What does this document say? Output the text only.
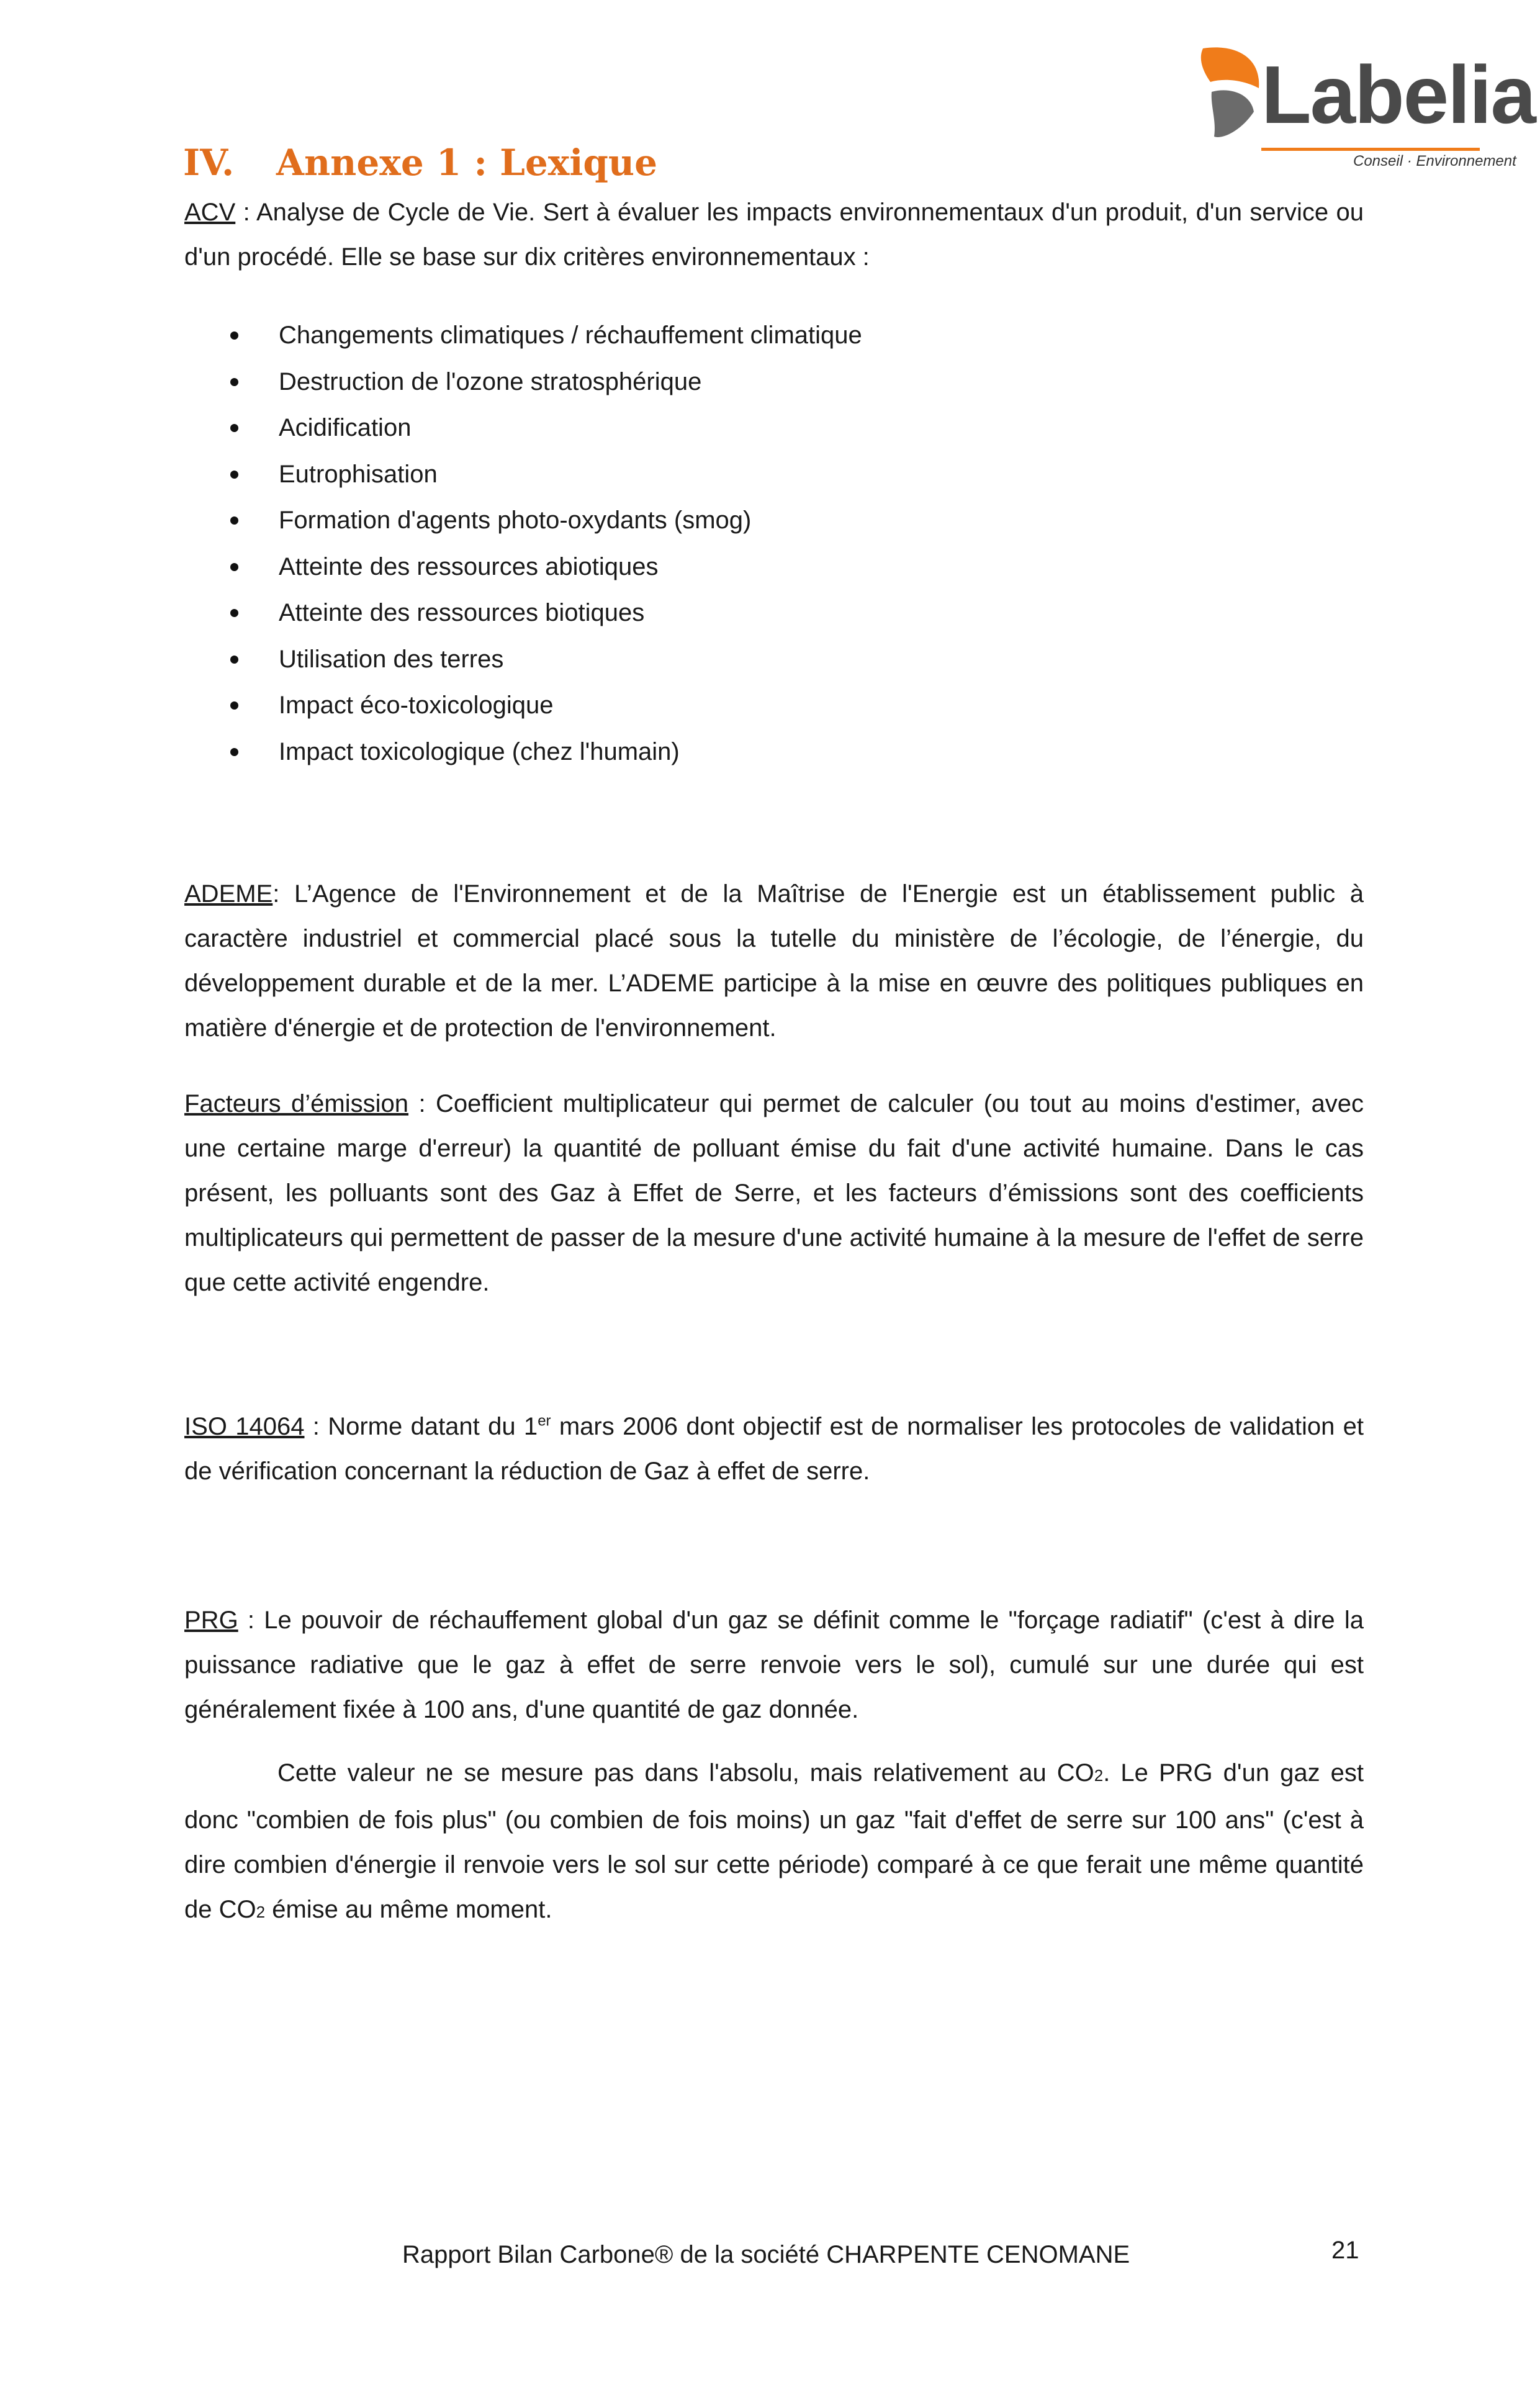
Labelia
Conseil · Environnement
IV. Annexe 1 : Lexique

ACV : Analyse de Cycle de Vie. Sert à évaluer les impacts environnementaux d'un produit, d'un service ou d'un procédé. Elle se base sur dix critères environnementaux :

Changements climatiques / réchauffement climatique
Destruction de l'ozone stratosphérique
Acidification
Eutrophisation
Formation d'agents photo-oxydants (smog)
Atteinte des ressources abiotiques
Atteinte des ressources biotiques
Utilisation des terres
Impact éco-toxicologique
Impact toxicologique (chez l'humain)

ADEME: L’Agence de l'Environnement et de la Maîtrise de l'Energie est un établissement public à caractère industriel et commercial placé sous la tutelle du ministère de l’écologie, de l’énergie, du développement durable et de la mer. L’ADEME participe à la mise en œuvre des politiques publiques en matière d'énergie et de protection de l'environnement.

Facteurs d’émission : Coefficient multiplicateur qui permet de calculer (ou tout au moins d'estimer, avec une certaine marge d'erreur) la quantité de polluant émise du fait d'une activité humaine. Dans le cas présent, les polluants sont des Gaz à Effet de Serre, et les facteurs d’émissions sont des coefficients multiplicateurs qui permettent de passer de la mesure d'une activité humaine à la mesure de l'effet de serre que cette activité engendre.

ISO 14064 : Norme datant du 1er mars 2006 dont objectif est de normaliser les protocoles de validation et de vérification concernant la réduction de Gaz à effet de serre.

PRG : Le pouvoir de réchauffement global d'un gaz se définit comme le "forçage radiatif" (c'est à dire la puissance radiative que le gaz à effet de serre renvoie vers le sol), cumulé sur une durée qui est généralement fixée à 100 ans, d'une quantité de gaz donnée.

Cette valeur ne se mesure pas dans l'absolu, mais relativement au CO2. Le PRG d'un gaz est donc "combien de fois plus" (ou combien de fois moins) un gaz "fait d'effet de serre sur 100 ans" (c'est à dire combien d'énergie il renvoie vers le sol sur cette période) comparé à ce que ferait une même quantité de CO2 émise au même moment.

Rapport Bilan Carbone® de la société CHARPENTE CENOMANE	21
